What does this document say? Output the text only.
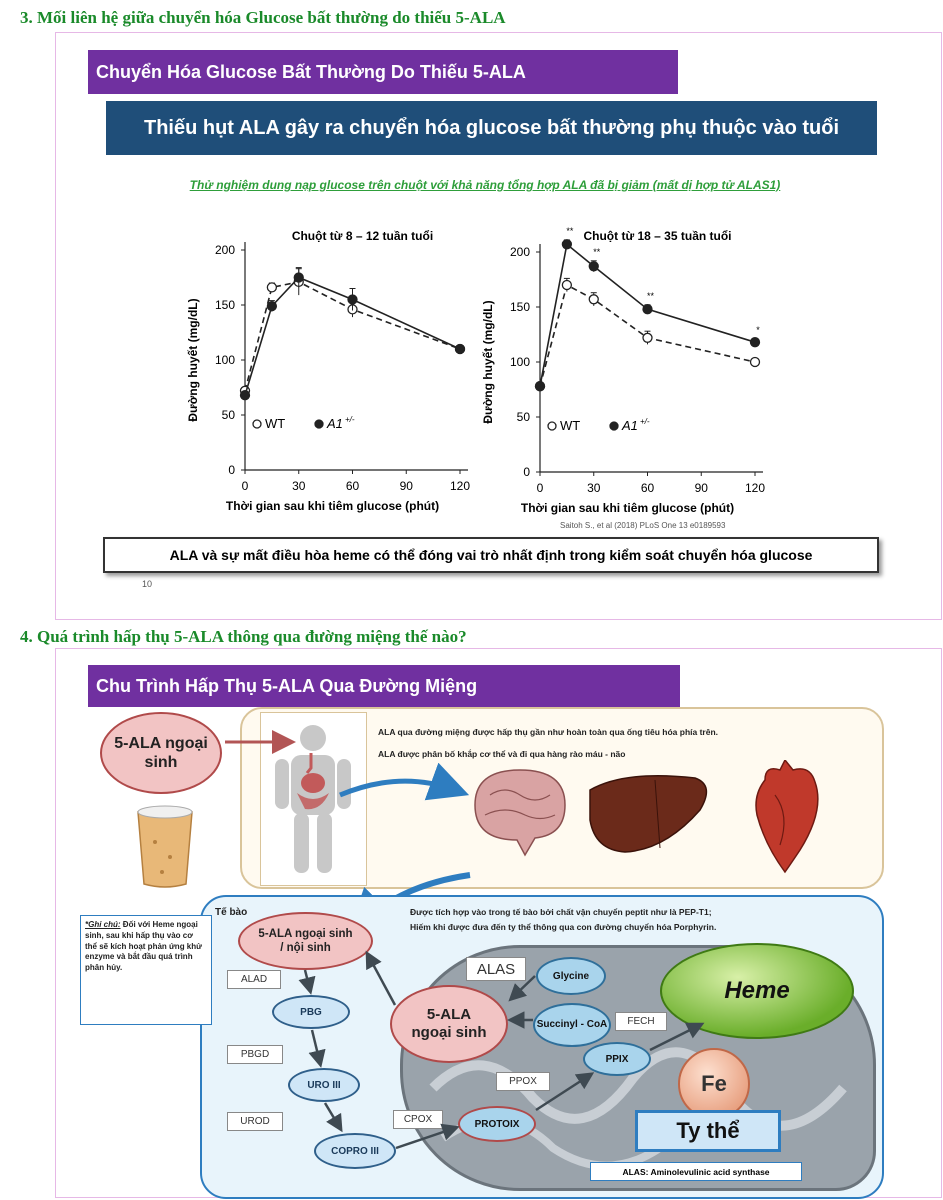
3. Mối liên hệ giữa chuyển hóa Glucose bất thường do thiếu 5-ALA
Chuyển Hóa Glucose Bất Thường Do Thiếu 5-ALA
Thiếu hụt ALA gây ra chuyển hóa glucose bất thường phụ thuộc vào tuổi
Thử nghiệm dung nạp glucose trên chuột với khả năng tổng hợp ALA đã bị giảm (mất dị hợp tử ALAS1)
Chuột từ 8 – 12 tuần tuổi
0
50
100
150
200
0	30	60	90	120
Thời gian sau khi tiêm glucose (phút)
Đường huyết (mg/dL)
WT	A1 +/-
Chuột từ 18 – 35 tuần tuổi
0
50
100
150
200
0	30	60	90	120
Thời gian sau khi tiêm glucose (phút)
Đường huyết (mg/dL)
**
**
**
*
WT	A1 +/-
Saitoh S., et al (2018) PLoS One 13 e0189593
ALA và sự mất điều hòa heme có thể đóng vai trò nhất định trong kiểm soát chuyển hóa glucose
10
4. Quá trình hấp thụ 5-ALA thông qua đường miệng thế nào?
Chu Trình Hấp Thụ 5-ALA Qua Đường Miệng
ALA qua đường miệng được hấp thụ gần như hoàn toàn qua ống tiêu hóa phía trên.
ALA được phân bố khắp cơ thể và đi qua hàng rào máu - não
5-ALA ngoại sinh
Tế bào	Được tích hợp vào trong tế bào bởi chất vận chuyển peptit như là PEP-T1;
Hiếm khi được đưa đến ty thể thông qua con đường chuyển hóa Porphyrin.
*Ghi chú: Đối với Heme ngoại sinh, sau khi hấp thụ vào cơ thể sẽ kích hoạt phản ứng khử enzyme và bắt đầu quá trình phân hủy.
5-ALA ngoại sinh / nội sinh
5-ALA ngoại sinh
PBG
URO III
COPRO III
PROTOIX
PPIX
Glycine
Succinyl - CoA
Heme
Fe
ALAD
PBGD
UROD	CPOX
PPOX
ALAS
FECH
Ty thể
ALAS: Aminolevulinic acid synthase
